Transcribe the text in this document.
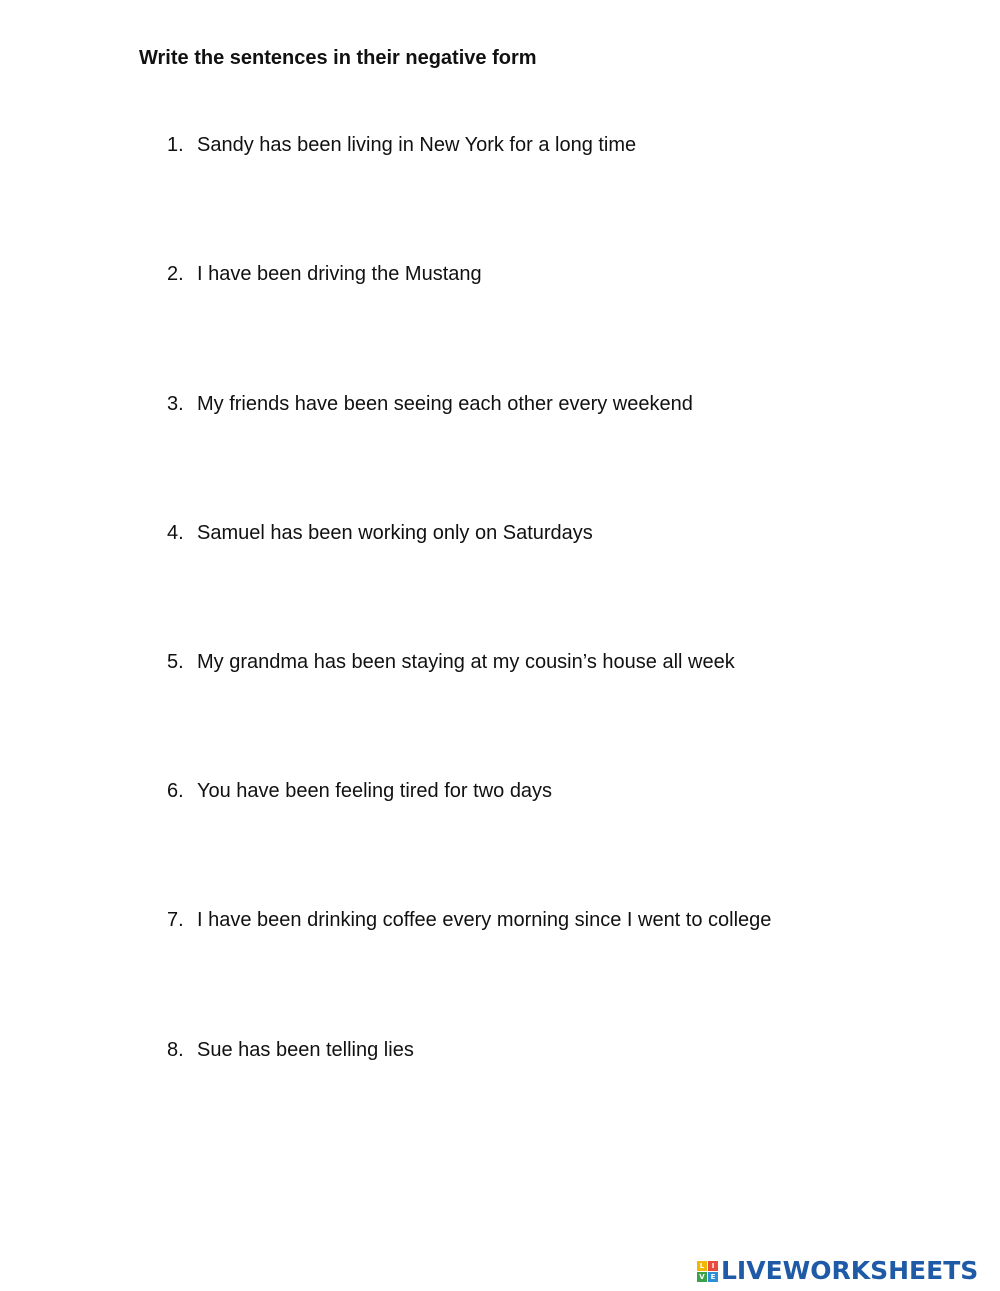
Write the sentences in their negative form
1. Sandy has been living in New York for a long time
2. I have been driving the Mustang
3. My friends have been seeing each other every weekend
4. Samuel has been working only on Saturdays
5. My grandma has been staying at my cousin’s house all week
6. You have been feeling tired for two days
7. I have been drinking coffee every morning since I went to college
8. Sue has been telling lies
L	I
V E LIVEWORKSHEETS
